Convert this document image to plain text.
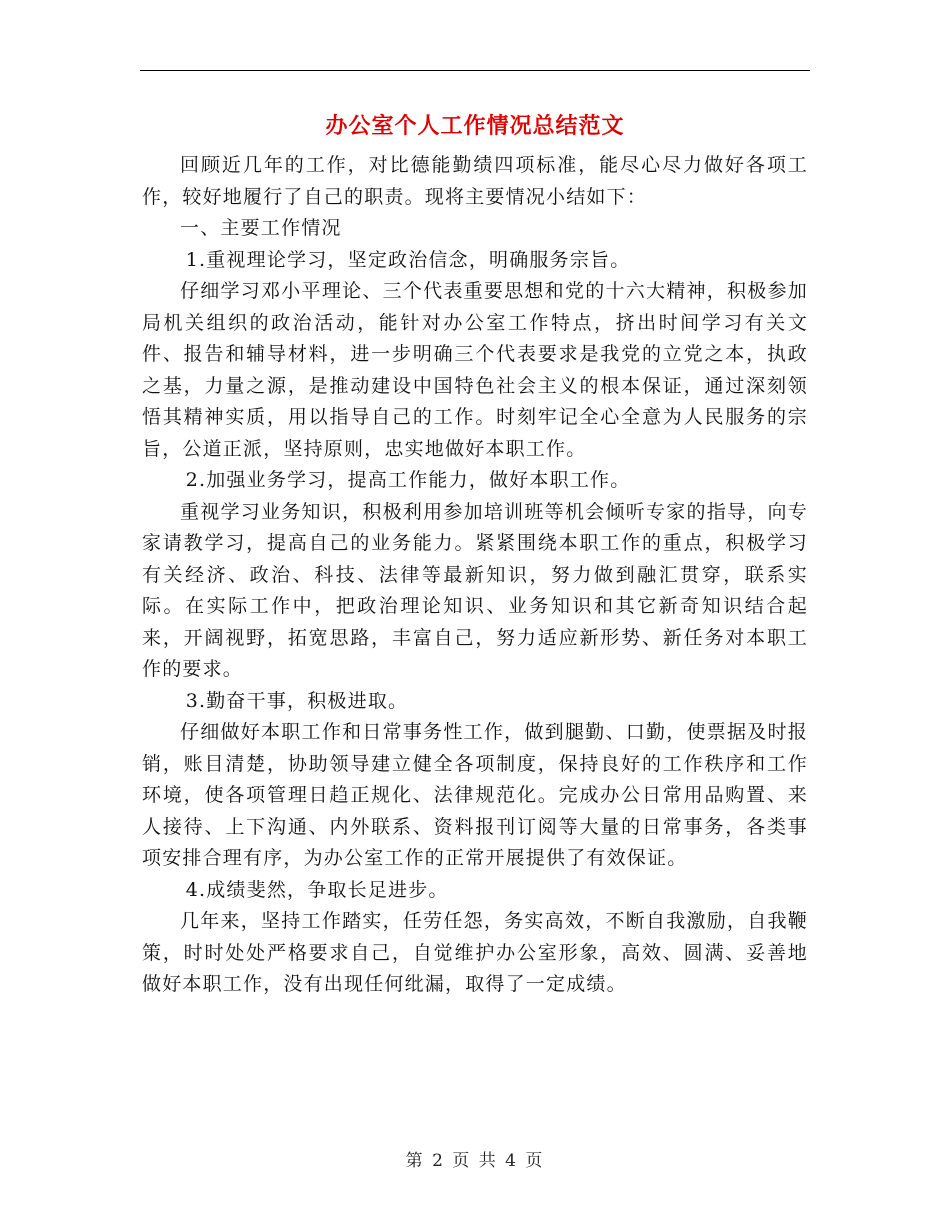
办公室个人工作情况总结范文

回顾近几年的工作，对比德能勤绩四项标准，能尽心尽力做好各项工作，较好地履行了自己的职责。现将主要情况小结如下：

一、主要工作情况

1.重视理论学习，坚定政治信念，明确服务宗旨。

仔细学习邓小平理论、三个代表重要思想和党的十六大精神，积极参加局机关组织的政治活动，能针对办公室工作特点，挤出时间学习有关文件、报告和辅导材料，进一步明确三个代表要求是我党的立党之本，执政之基，力量之源，是推动建设中国特色社会主义的根本保证，通过深刻领悟其精神实质，用以指导自己的工作。时刻牢记全心全意为人民服务的宗旨，公道正派，坚持原则，忠实地做好本职工作。

2.加强业务学习，提高工作能力，做好本职工作。

重视学习业务知识，积极利用参加培训班等机会倾听专家的指导，向专家请教学习，提高自己的业务能力。紧紧围绕本职工作的重点，积极学习有关经济、政治、科技、法律等最新知识，努力做到融汇贯穿，联系实际。在实际工作中，把政治理论知识、业务知识和其它新奇知识结合起来，开阔视野，拓宽思路，丰富自己，努力适应新形势、新任务对本职工作的要求。

3.勤奋干事，积极进取。

仔细做好本职工作和日常事务性工作，做到腿勤、口勤，使票据及时报销，账目清楚，协助领导建立健全各项制度，保持良好的工作秩序和工作环境，使各项管理日趋正规化、法律规范化。完成办公日常用品购置、来人接待、上下沟通、内外联系、资料报刊订阅等大量的日常事务，各类事项安排合理有序，为办公室工作的正常开展提供了有效保证。

4.成绩斐然，争取长足进步。

几年来，坚持工作踏实，任劳任怨，务实高效，不断自我激励，自我鞭策，时时处处严格要求自己，自觉维护办公室形象，高效、圆满、妥善地做好本职工作，没有出现任何纰漏，取得了一定成绩。

第 2 页 共 4 页
